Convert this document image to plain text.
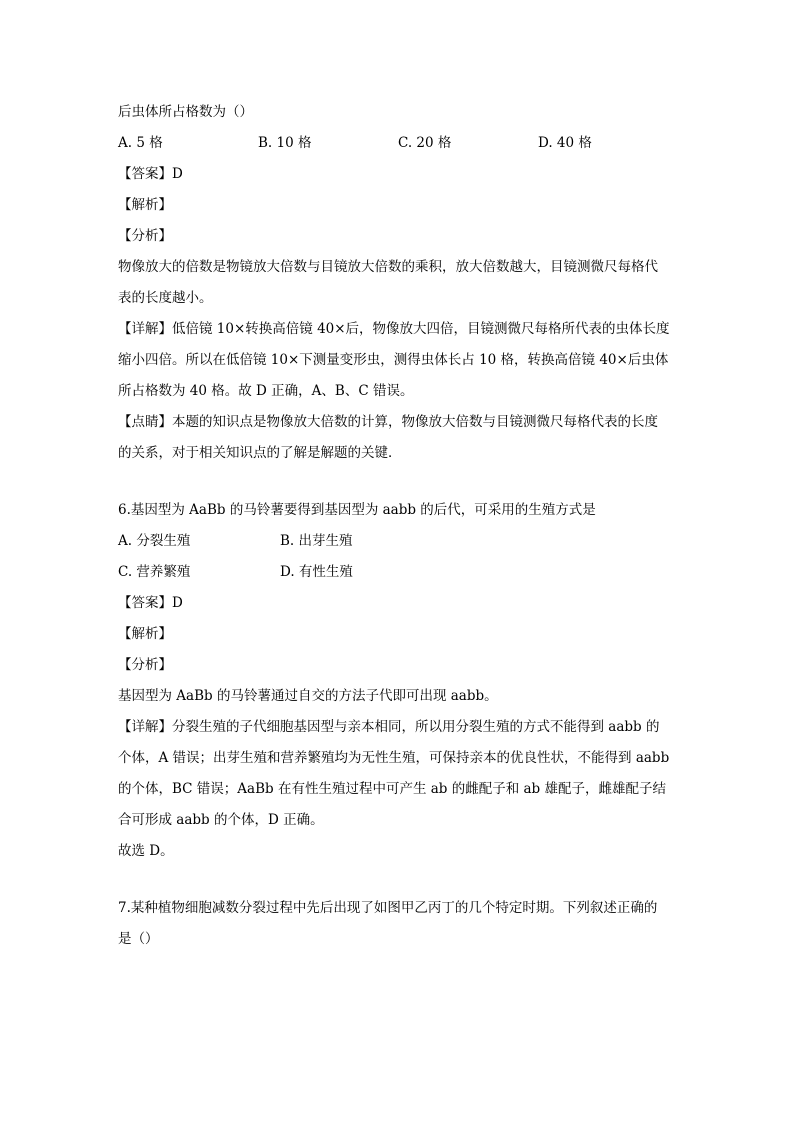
后虫体所占格数为（）
A. 5 格	B. 10 格	C. 20 格	D. 40 格
【答案】D
【解析】
【分析】
物像放大的倍数是物镜放大倍数与目镜放大倍数的乘积，放大倍数越大，目镜测微尺每格代
表的长度越小。
【详解】低倍镜 10×转换高倍镜 40×后，物像放大四倍，目镜测微尺每格所代表的虫体长度
缩小四倍。所以在低倍镜 10×下测量变形虫，测得虫体长占 10 格，转换高倍镜 40×后虫体
所占格数为 40 格。故 D 正确，A、B、C 错误。
【点睛】本题的知识点是物像放大倍数的计算，物像放大倍数与目镜测微尺每格代表的长度
的关系，对于相关知识点的了解是解题的关键．
6.基因型为 AaBb 的马铃薯要得到基因型为 aabb 的后代，可采用的生殖方式是
A. 分裂生殖	B. 出芽生殖
C. 营养繁殖	D. 有性生殖
【答案】D
【解析】
【分析】
基因型为 AaBb 的马铃薯通过自交的方法子代即可出现 aabb。
【详解】分裂生殖的子代细胞基因型与亲本相同，所以用分裂生殖的方式不能得到 aabb 的
个体，A 错误；出芽生殖和营养繁殖均为无性生殖，可保持亲本的优良性状，不能得到 aabb
的个体，BC 错误；AaBb 在有性生殖过程中可产生 ab 的雌配子和 ab 雄配子，雌雄配子结
合可形成 aabb 的个体，D 正确。
故选 D。
7.某种植物细胞减数分裂过程中先后出现了如图甲乙丙丁的几个特定时期。下列叙述正确的
是（）
